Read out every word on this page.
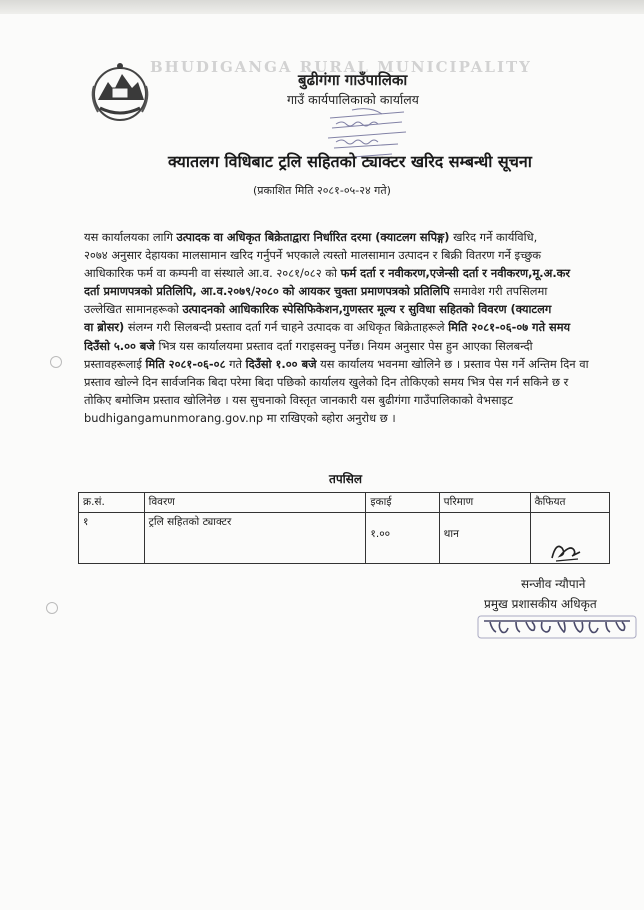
BHUDIGANGA RURAL MUNICIPALITY
बुढीगंगा गाउँपालिका
गाउँ कार्यपालिकाको कार्यालय
क्यातलग विधिबाट ट्रलि सहितको ट्याक्टर खरिद सम्बन्धी सूचना
(प्रकाशित मिति २०८१-०५-२४ गते)
यस कार्यालयका लागि उत्पादक वा अधिकृत बिक्रेताद्वारा निर्धारित दरमा (क्याटलग सपिङ्ग) खरिद गर्ने कार्यविधि,
२०७४ अनुसार देहायका मालसामान खरिद गर्नुपर्ने भएकाले त्यस्तो मालसामान उत्पादन र बिक्री वितरण गर्ने इच्छुक
आधिकारिक फर्म वा कम्पनी वा संस्थाले आ.व. २०८१/०८२ को फर्म दर्ता र नवीकरण,एजेन्सी दर्ता र नवीकरण,मू.अ.कर
दर्ता प्रमाणपत्रको प्रतिलिपि, आ.व.२०७९/२०८० को आयकर चुक्ता प्रमाणपत्रको प्रतिलिपि समावेश गरी तपसिलमा
उल्लेखित सामानहरूको उत्पादनको आधिकारिक स्पेसिफिकेशन,गुणस्तर मूल्य र सुविधा सहितको विवरण (क्याटलग
वा ब्रोसर) संलग्न गरी सिलबन्दी प्रस्ताव दर्ता गर्न चाहने उत्पादक वा अधिकृत बिक्रेताहरूले मिति २०८१-०६-०७ गते समय
दिउँसो ५.०० बजे भित्र यस कार्यालयमा प्रस्ताव दर्ता गराइसक्नु पर्नेछ। नियम अनुसार पेस हुन आएका सिलबन्दी
प्रस्तावहरूलाई मिति २०८१-०६-०८ गते दिउँसो १.०० बजे यस कार्यालय भवनमा खोलिने छ । प्रस्ताव पेस गर्ने अन्तिम दिन वा
प्रस्ताव खोल्ने दिन सार्वजनिक बिदा परेमा बिदा पछिको कार्यालय खुलेको दिन तोकिएको समय भित्र पेस गर्न सकिने छ र
तोकिए बमोजिम प्रस्ताव खोलिनेछ । यस सुचनाको विस्तृत जानकारी यस बुढीगंगा गाउँपालिकाको वेभसाइट
budhigangamunmorang.gov.np मा राखिएको ब्होरा अनुरोध छ ।
तपसिल
क्र.सं.	विवरण	इकाई	परिमाण	कैफियत
१	ट्रलि सहितको ट्याक्टर	१.००	थान	
सन्जीव न्यौपाने
प्रमुख प्रशासकीय अधिकृत
